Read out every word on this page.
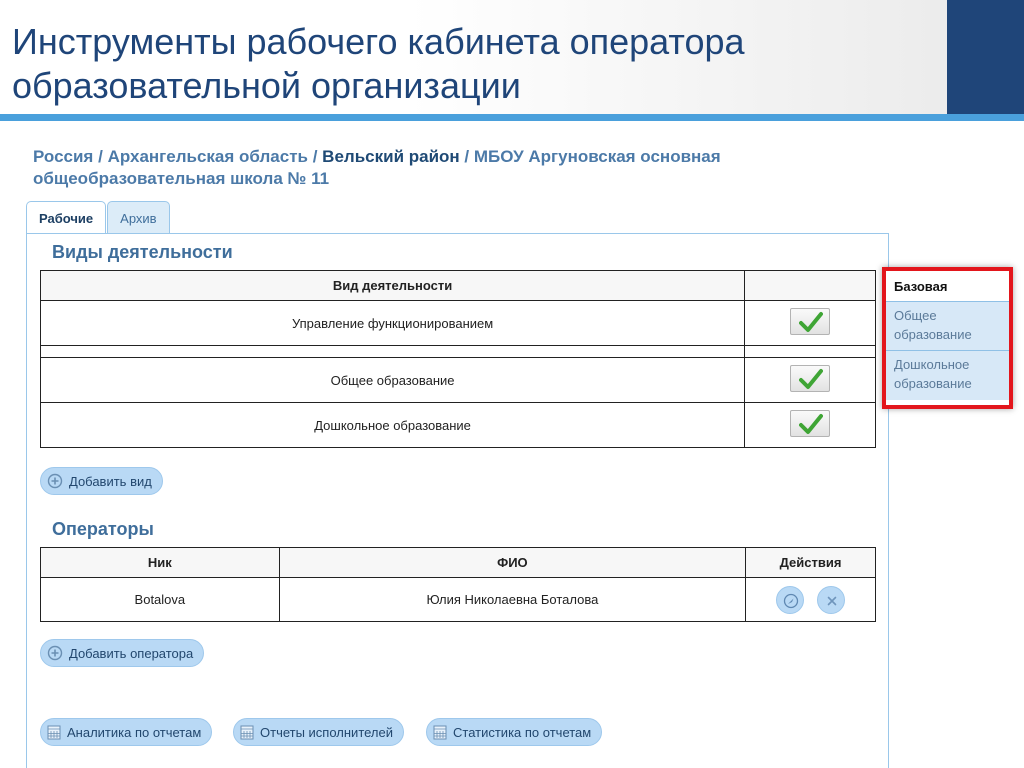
Инструменты рабочего кабинета оператора
образовательной организации
Россия / Архангельская область / Вельский район / МБОУ Аргуновская основная общеобразовательная школа № 11
Рабочие	Архив
Виды деятельности
Вид деятельности	
Управление функционированием	

Общее образование	

Дошкольное образование	
Добавить вид
Операторы
Ник	ФИО	Действия
Botalova	Юлия Николаевна Боталова	

Добавить оператора
Аналитика по отчетам	Отчеты исполнителей	Статистика по отчетам
Базовая
Общее образование
Дошкольное образование
